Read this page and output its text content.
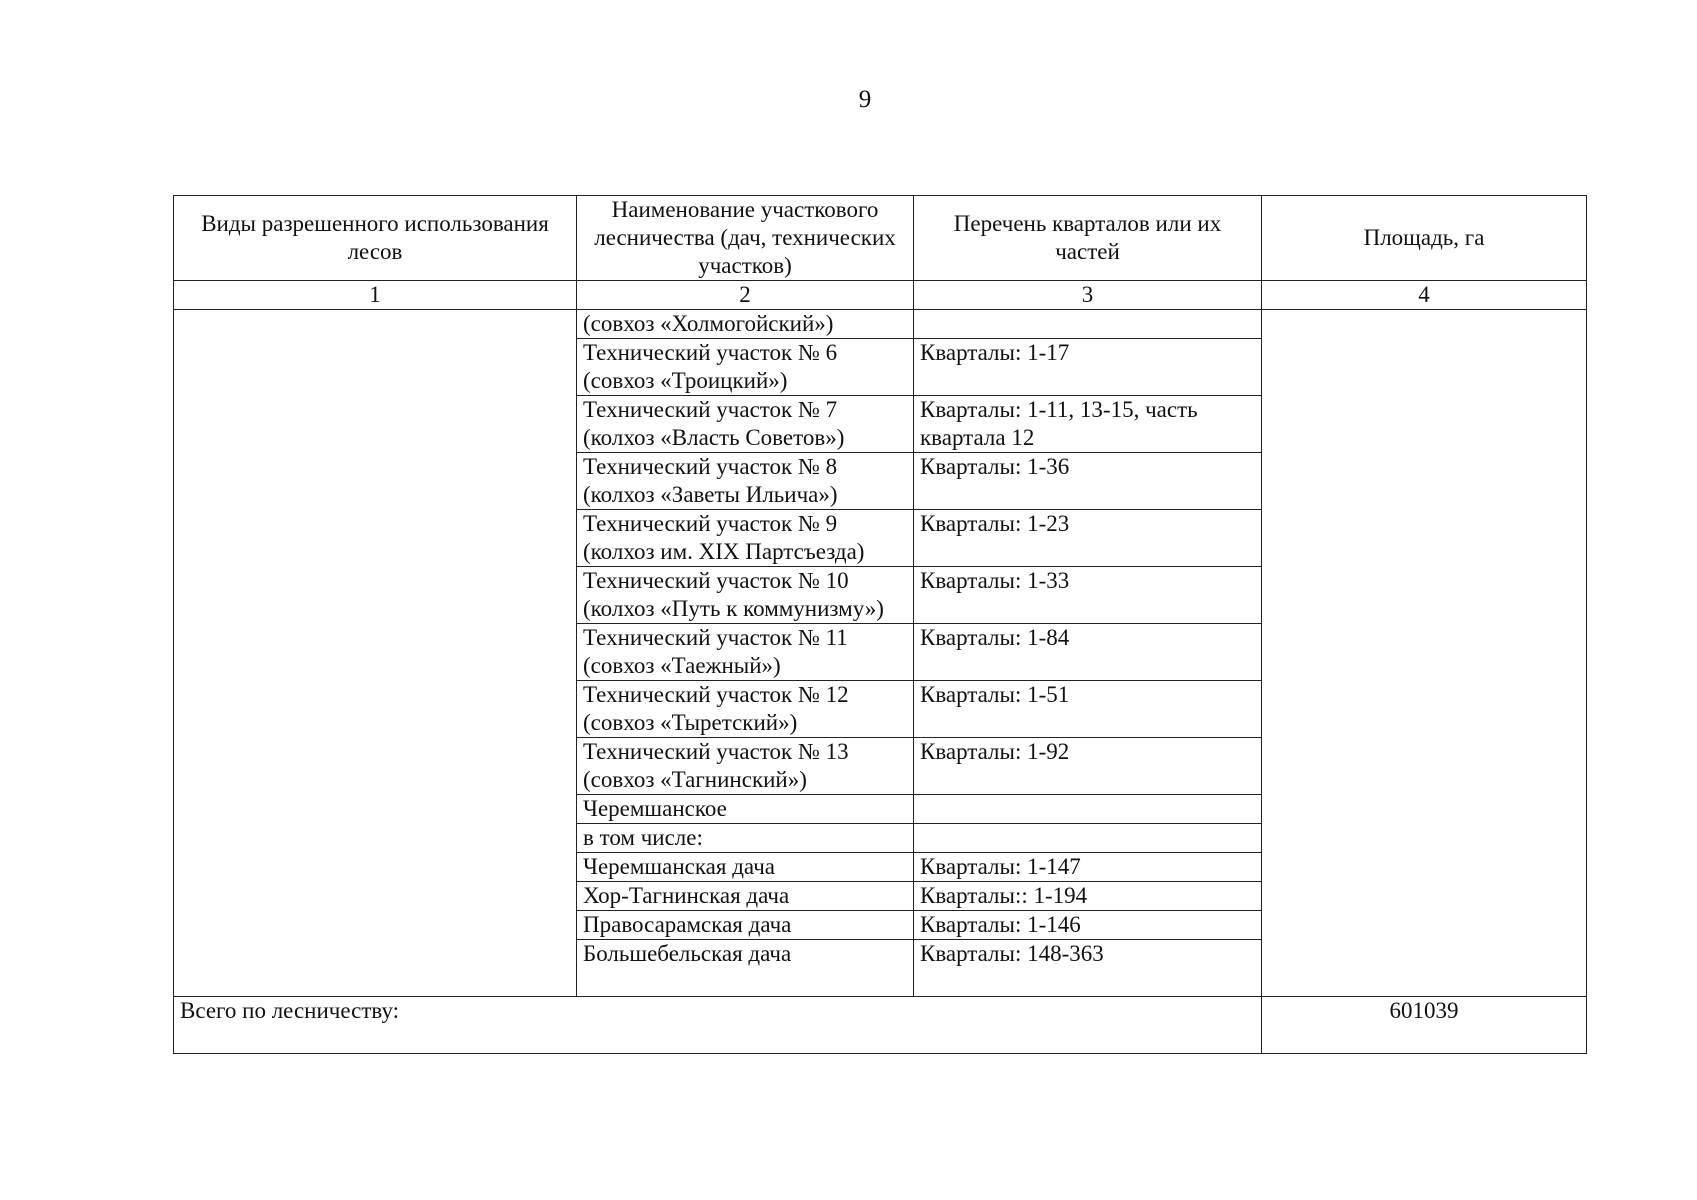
9
Виды разрешенного использования лесов	Наименование участкового лесничества (дач, технических участков)	Перечень кварталов или их частей	Площадь, га
1	2	3	4
	(совхоз «Холмогойский»)		
	Технический участок № 6 (совхоз «Троицкий»)	Кварталы: 1-17	
	Технический участок № 7 (колхоз «Власть Советов»)	Кварталы: 1-11, 13-15, часть квартала 12	
	Технический участок № 8 (колхоз «Заветы Ильича»)	Кварталы: 1-36	
	Технический участок № 9 (колхоз им. XIX Партсъезда)	Кварталы: 1-23	
	Технический участок № 10 (колхоз «Путь к коммунизму»)	Кварталы: 1-33	
	Технический участок № 11 (совхоз «Таежный»)	Кварталы: 1-84	
	Технический участок № 12 (совхоз «Тыретский»)	Кварталы: 1-51	
	Технический участок № 13 (совхоз «Тагнинский»)	Кварталы: 1-92	
	Черемшанское		
	в том числе:		
	Черемшанская дача	Кварталы: 1-147	
	Хор-Тагнинская дача	Кварталы:: 1-194	
	Правосарамская дача	Кварталы: 1-146	
	Большебельская дача	Кварталы: 148-363	
Всего по лесничеству:			601039
